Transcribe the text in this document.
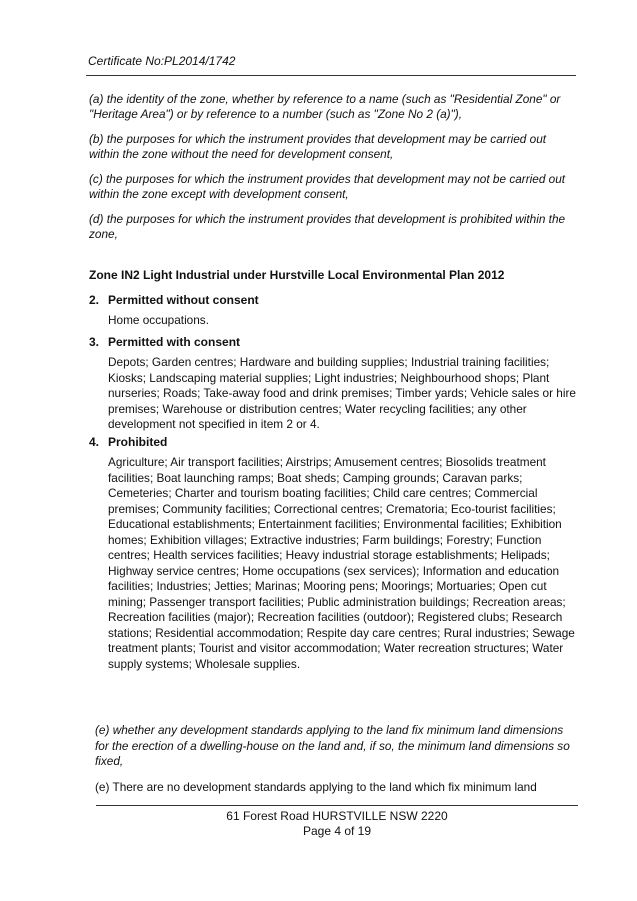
Certificate No:PL2014/1742

(a) the identity of the zone, whether by reference to a name (such as "Residential Zone" or "Heritage Area") or by reference to a number (such as "Zone No 2 (a)"),

(b) the purposes for which the instrument provides that development may be carried out within the zone without the need for development consent,

(c) the purposes for which the instrument provides that development may not be carried out within the zone except with development consent,

(d) the purposes for which the instrument provides that development is prohibited within the zone,

Zone IN2 Light Industrial under Hurstville Local Environmental Plan 2012

2. Permitted without consent

Home occupations.

3. Permitted with consent

Depots; Garden centres; Hardware and building supplies; Industrial training facilities; Kiosks; Landscaping material supplies; Light industries; Neighbourhood shops; Plant nurseries; Roads; Take-away food and drink premises; Timber yards; Vehicle sales or hire premises; Warehouse or distribution centres; Water recycling facilities; any other development not specified in item 2 or 4.

4. Prohibited

Agriculture; Air transport facilities; Airstrips; Amusement centres; Biosolids treatment facilities; Boat launching ramps; Boat sheds; Camping grounds; Caravan parks; Cemeteries; Charter and tourism boating facilities; Child care centres; Commercial premises; Community facilities; Correctional centres; Crematoria; Eco-tourist facilities; Educational establishments; Entertainment facilities; Environmental facilities; Exhibition homes; Exhibition villages; Extractive industries; Farm buildings; Forestry; Function centres; Health services facilities; Heavy industrial storage establishments; Helipads; Highway service centres; Home occupations (sex services); Information and education facilities; Industries; Jetties; Marinas; Mooring pens; Moorings; Mortuaries; Open cut mining; Passenger transport facilities; Public administration buildings; Recreation areas; Recreation facilities (major); Recreation facilities (outdoor); Registered clubs; Research stations; Residential accommodation; Respite day care centres; Rural industries; Sewage treatment plants; Tourist and visitor accommodation; Water recreation structures; Water supply systems; Wholesale supplies.
(e) whether any development standards applying to the land fix minimum land dimensions for the erection of a dwelling-house on the land and, if so, the minimum land dimensions so fixed,
(e) There are no development standards applying to the land which fix minimum land
61 Forest Road HURSTVILLE NSW 2220
Page 4 of 19
